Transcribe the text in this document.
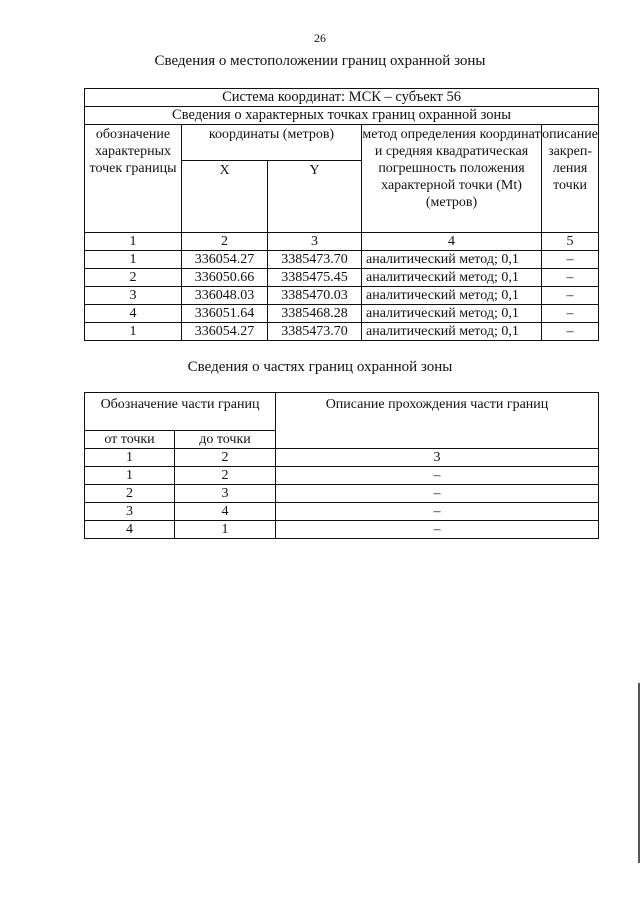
26
Сведения о местоположении границ охранной зоны
Система координат: МСК – субъект 56				
Сведения о характерных точках границ охранной зоны				
обозначение характерных точек границы	координаты (метров)		метод определения координат и средняя квадратическая погрешность положения характерной точки (Mt) (метров)	описание закреп-ления точки
	X	Y		
1	2	3	4	5
1	336054.27	3385473.70	аналитический метод; 0,1	–
2	336050.66	3385475.45	аналитический метод; 0,1	–
3	336048.03	3385470.03	аналитический метод; 0,1	–
4	336051.64	3385468.28	аналитический метод; 0,1	–
1	336054.27	3385473.70	аналитический метод; 0,1	–
Сведения о частях границ охранной зоны
Обозначение части границ		Описание прохождения части границ
от точки	до точки	
1	2	3
1	2	–
2	3	–
3	4	–
4	1	–
